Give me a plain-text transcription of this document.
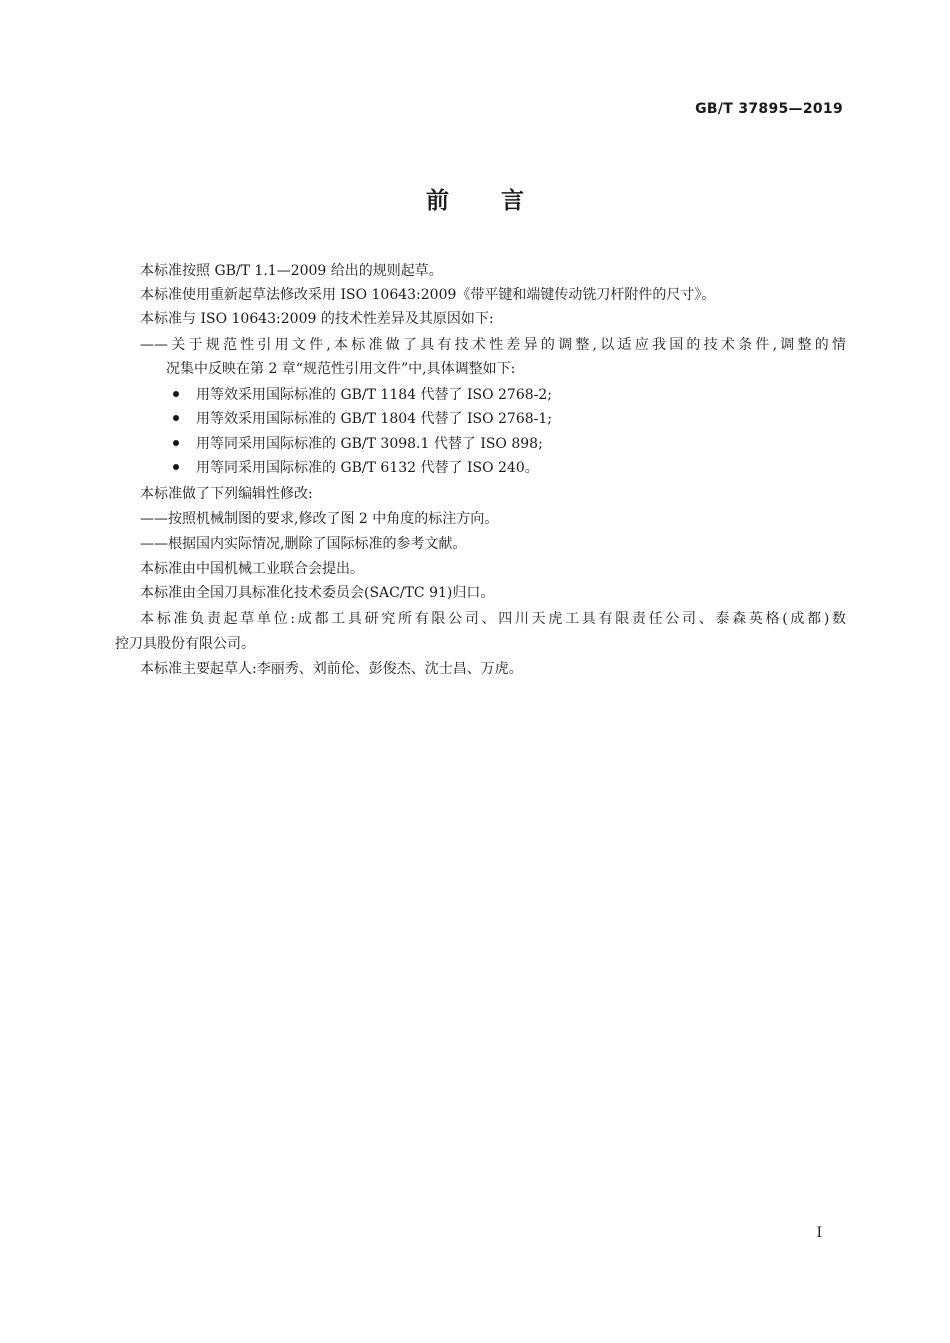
GB/T 37895—2019
前 言
本标准按照 GB/T 1.1—2009 给出的规则起草。
本标准使用重新起草法修改采用 ISO 10643:2009《带平键和端键传动铣刀杆附件的尺寸》。
本标准与 ISO 10643:2009 的技术性差异及其原因如下:
——关于规范性引用文件,本标准做了具有技术性差异的调整,以适应我国的技术条件,调整的情
况集中反映在第 2 章“规范性引用文件”中,具体调整如下:
用等效采用国际标准的 GB/T 1184 代替了 ISO 2768-2;
用等效采用国际标准的 GB/T 1804 代替了 ISO 2768-1;
用等同采用国际标准的 GB/T 3098.1 代替了 ISO 898;
用等同采用国际标准的 GB/T 6132 代替了 ISO 240。
本标准做了下列编辑性修改:
——按照机械制图的要求,修改了图 2 中角度的标注方向。
——根据国内实际情况,删除了国际标准的参考文献。
本标准由中国机械工业联合会提出。
本标准由全国刀具标准化技术委员会(SAC/TC 91)归口。
本标准负责起草单位:成都工具研究所有限公司、四川天虎工具有限责任公司、泰森英格(成都)数
控刀具股份有限公司。
本标准主要起草人:李丽秀、刘前伦、彭俊杰、沈士昌、万虎。
I
